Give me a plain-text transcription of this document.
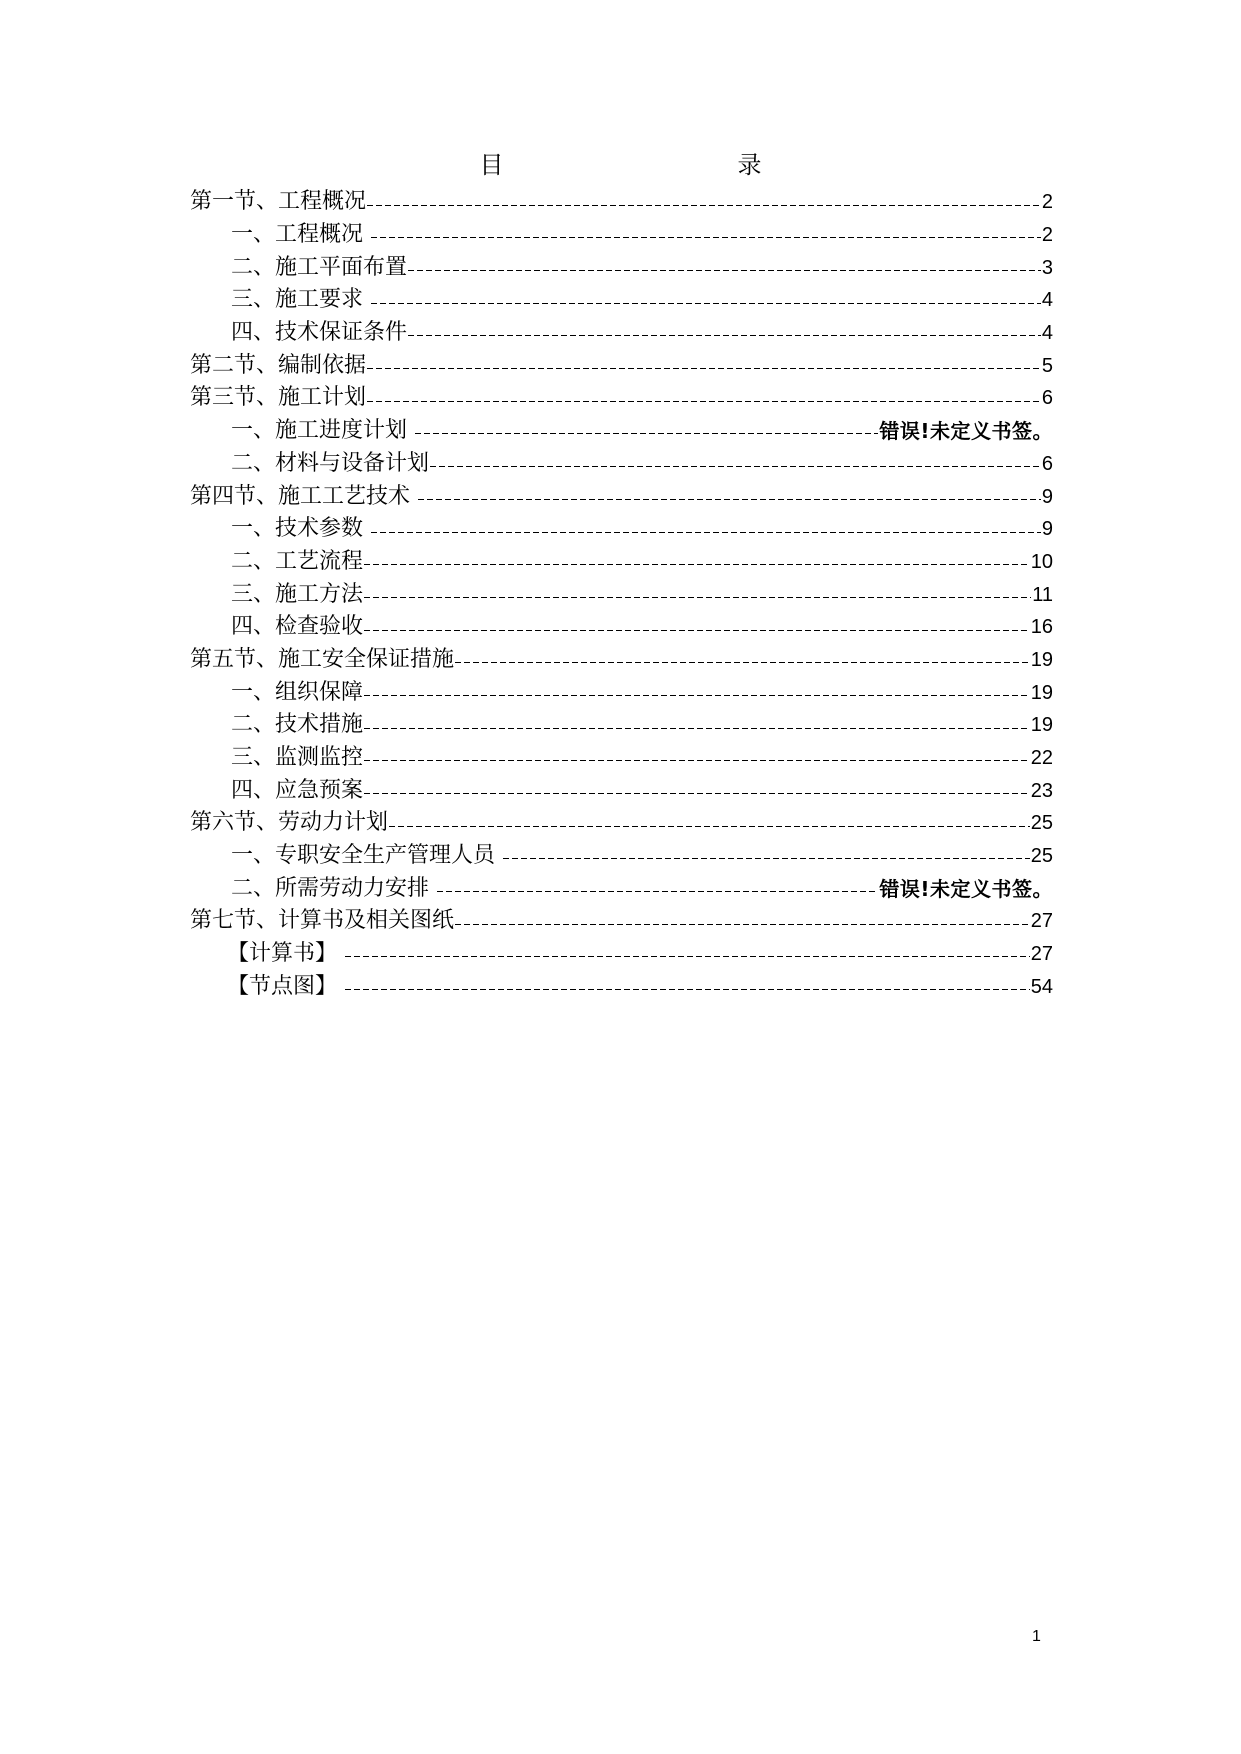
目　　录
第一节、工程概况	2
一、工程概况	2
二、施工平面布置	3
三、施工要求	4
四、技术保证条件	4
第二节、编制依据	5
第三节、施工计划	6
一、施工进度计划	错误!未定义书签。
二、材料与设备计划	6
第四节、施工工艺技术	9
一、技术参数	9
二、工艺流程	10
三、施工方法	11
四、检查验收	16
第五节、施工安全保证措施	19
一、组织保障	19
二、技术措施	19
三、监测监控	22
四、应急预案	23
第六节、劳动力计划	25
一、专职安全生产管理人员	25
二、所需劳动力安排	错误!未定义书签。
第七节、计算书及相关图纸	27
【计算书】	27
【节点图】	54
1
